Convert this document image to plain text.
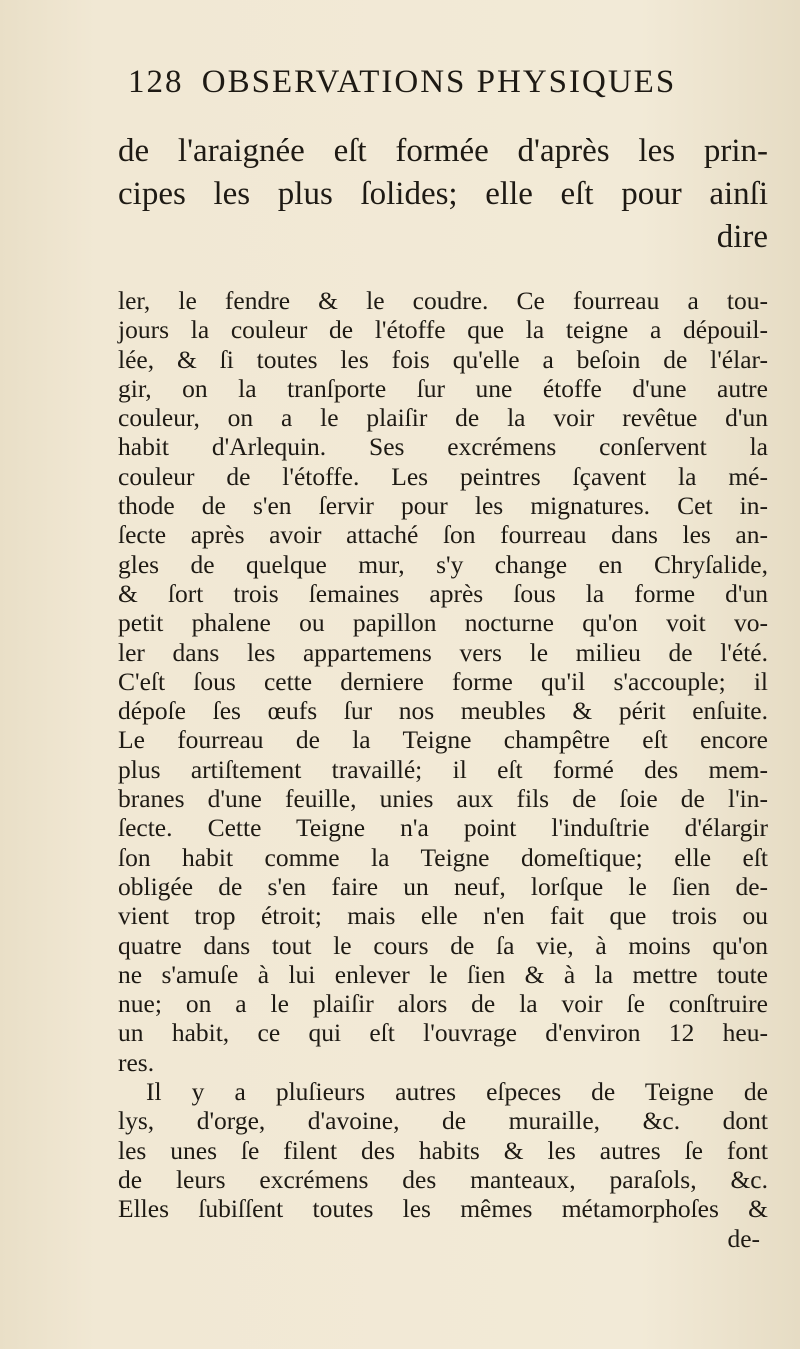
128 OBSERVATIONS PHYSIQUES
de l'araignée eſt formée d'après les prin-
cipes les plus ſolides; elle eſt pour ainſi
dire
ler, le fendre & le coudre. Ce fourreau a tou-
jours la couleur de l'étoffe que la teigne a dépouil-
lée, & ſi toutes les fois qu'elle a beſoin de l'élar-
gir, on la tranſporte ſur une étoffe d'une autre
couleur, on a le plaiſir de la voir revêtue d'un
habit d'Arlequin. Ses excrémens conſervent la
couleur de l'étoffe. Les peintres ſçavent la mé-
thode de s'en ſervir pour les mignatures. Cet in-
ſecte après avoir attaché ſon fourreau dans les an-
gles de quelque mur, s'y change en Chryſalide,
& ſort trois ſemaines après ſous la forme d'un
petit phalene ou papillon nocturne qu'on voit vo-
ler dans les appartemens vers le milieu de l'été.
C'eſt ſous cette derniere forme qu'il s'accouple; il
dépoſe ſes œufs ſur nos meubles & périt enſuite.
Le fourreau de la Teigne champêtre eſt encore
plus artiſtement travaillé; il eſt formé des mem-
branes d'une feuille, unies aux fils de ſoie de l'in-
ſecte. Cette Teigne n'a point l'induſtrie d'élargir
ſon habit comme la Teigne domeſtique; elle eſt
obligée de s'en faire un neuf, lorſque le ſien de-
vient trop étroit; mais elle n'en fait que trois ou
quatre dans tout le cours de ſa vie, à moins qu'on
ne s'amuſe à lui enlever le ſien & à la mettre toute
nue; on a le plaiſir alors de la voir ſe conſtruire
un habit, ce qui eſt l'ouvrage d'environ 12 heu-
res.
Il y a pluſieurs autres eſpeces de Teigne de
lys, d'orge, d'avoine, de muraille, &c. dont
les unes ſe filent des habits & les autres ſe font
de leurs excrémens des manteaux, paraſols, &c.
Elles ſubiſſent toutes les mêmes métamorphoſes &
de-
